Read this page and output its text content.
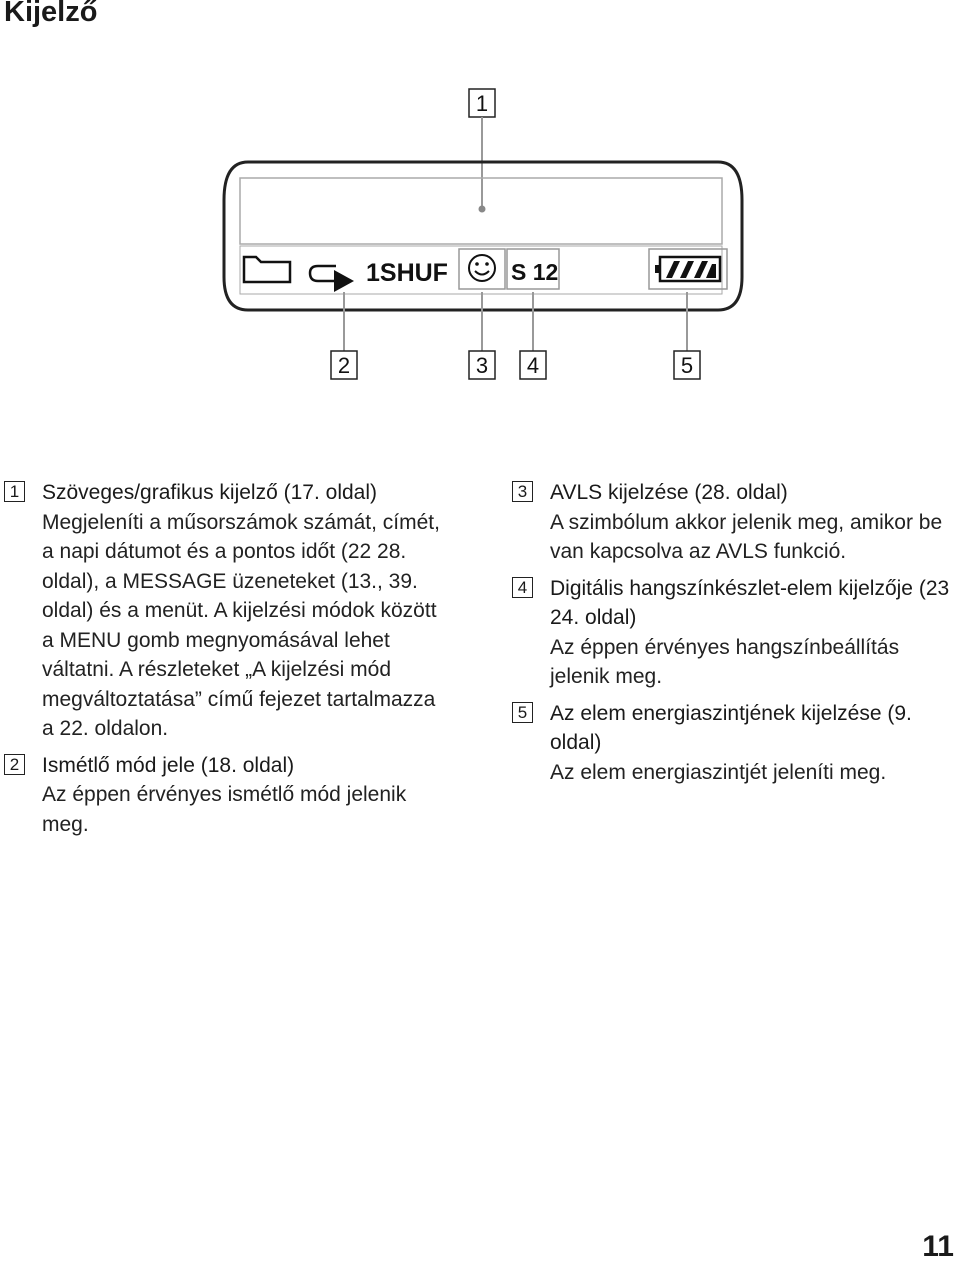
Kijelző
1
1SHUF	S 12
2	3 4	5
1 Szöveges/grafikus kijelző (17. oldal)
Megjeleníti a műsorszámok számát, címét, a napi dátumot és a pontos időt (22 28. oldal), a MESSAGE üzeneteket (13., 39. oldal) és a menüt. A kijelzési módok között a MENU gomb megnyomásával lehet váltatni. A részleteket „A kijelzési mód megváltoztatása” című fejezet tartalmazza a 22. oldalon.
2 Ismétlő mód jele (18. oldal)
Az éppen érvényes ismétlő mód jelenik meg.
3 AVLS kijelzése (28. oldal)
A szimbólum akkor jelenik meg, amikor be van kapcsolva az AVLS funkció.
4 Digitális hangszínkészlet-elem kijelzője (23 24. oldal)
Az éppen érvényes hangszínbeállítás jelenik meg.
5 Az elem energiaszintjének kijelzése (9. oldal)
Az elem energiaszintjét jeleníti meg.
11
